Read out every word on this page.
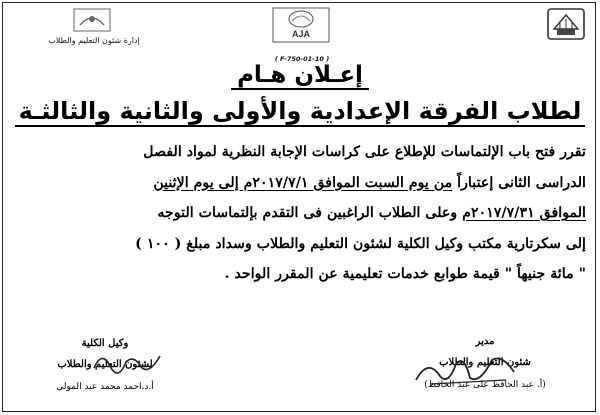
AJA
إدارة شئون التعليم والطلاب
( F-750-01-10 )
إعـلان هـام
لطلاب الفرقة الإعدادية والأولى والثانية والثالثـة

تقرر فتح باب الإلتماسات للإطلاع على كراسات الإجابة النظرية لمواد الفصل

الدراسى الثانى إعتباراً من يوم السبت الموافق ٢٠١٧/٧/١م إلى يوم الإثنين

الموافق ٢٠١٧/٧/٣١م وعلى الطلاب الراغبين فى التقدم بإلتماسات التوجه

إلى سكرتارية مكتب وكيل الكلية لشئون التعليم والطلاب وسداد مبلغ ( ١٠٠ )

" مائة جنيهاً " قيمة طوابع خدمات تعليمية عن المقرر الواحد .

وكيل الكلية
لشئون التعليم والطلاب
أ.د.احمد محمد عبد المولى
مدير
شئون التعليم والطلاب
(أ. عبد الحافظ على عبد الحافظ)
